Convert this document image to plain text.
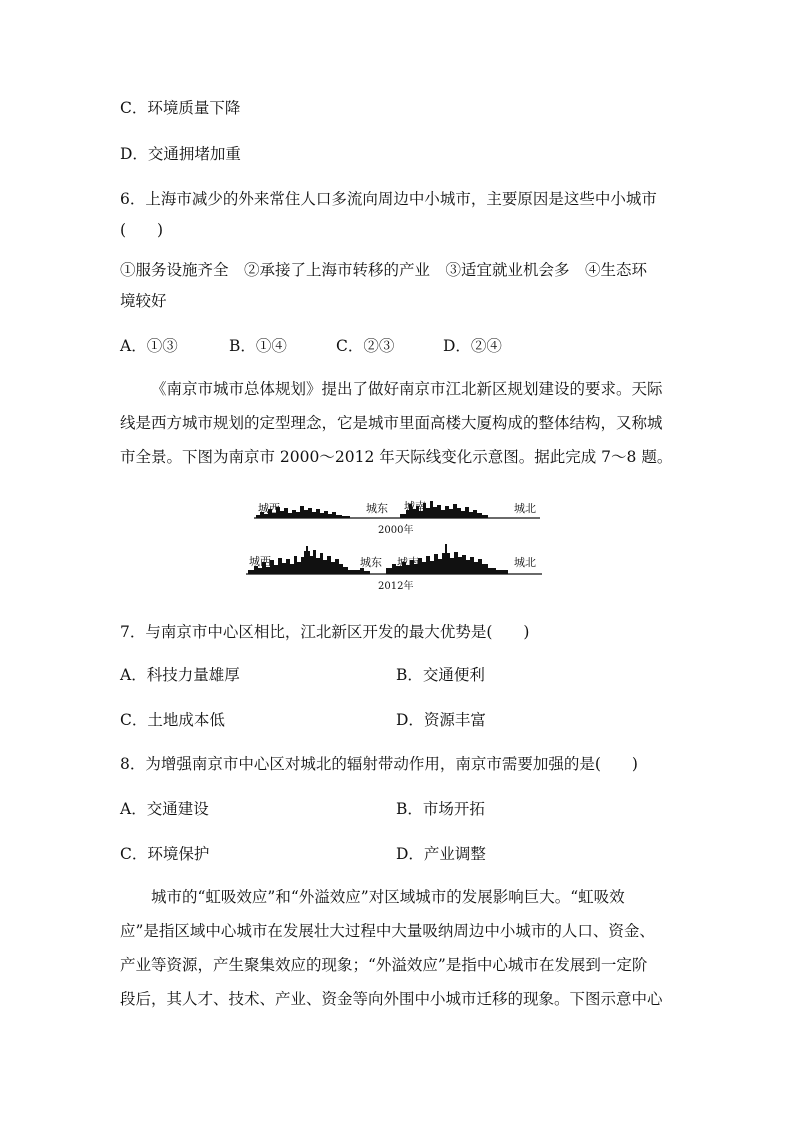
C．环境质量下降
D．交通拥堵加重
6．上海市减少的外来常住人口多流向周边中小城市，主要原因是这些中小城市
(　　)
①服务设施齐全　②承接了上海市转移的产业　③适宜就业机会多　④生态环
境较好
A．①③	B．①④	C．②③	D．②④
《南京市城市总体规划》提出了做好南京市江北新区规划建设的要求。天际
线是西方城市规划的定型理念，它是城市里面高楼大厦构成的整体结构，又称城
市全景。下图为南京市 2000～2012 年天际线变化示意图。据此完成 7～8 题。
城西	城东 城南	城北
2000年
城西	城东 城南	城北
2012年
7．与南京市中心区相比，江北新区开发的最大优势是(　　)
A．科技力量雄厚	B．交通便利
C．土地成本低	D．资源丰富
8．为增强南京市中心区对城北的辐射带动作用，南京市需要加强的是(　　)
A．交通建设	B．市场开拓
C．环境保护	D．产业调整
城市的“虹吸效应”和“外溢效应”对区域城市的发展影响巨大。“虹吸效
应”是指区域中心城市在发展壮大过程中大量吸纳周边中小城市的人口、资金、
产业等资源，产生聚集效应的现象；“外溢效应”是指中心城市在发展到一定阶
段后，其人才、技术、产业、资金等向外围中小城市迁移的现象。下图示意中心
